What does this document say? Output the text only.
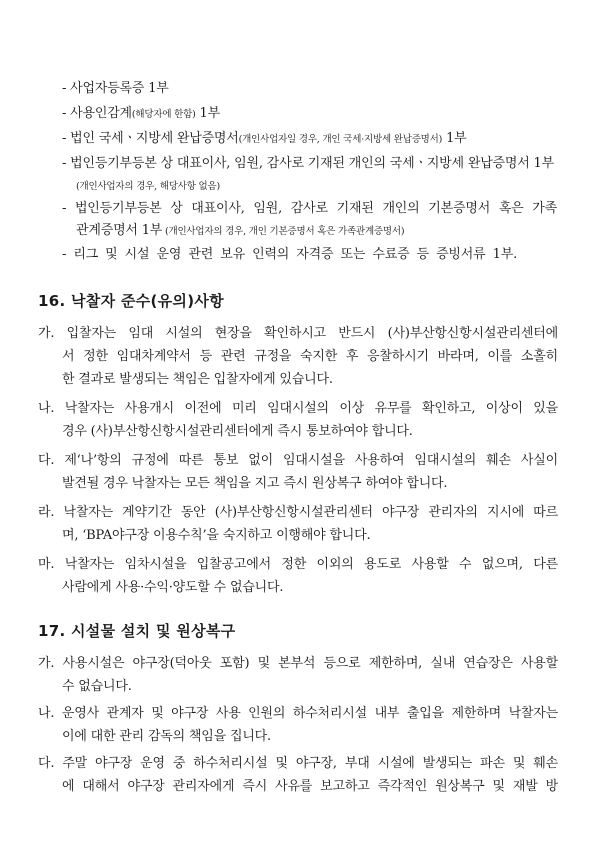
- 사업자등록증 1부
- 사용인감계(해당자에 한함) 1부
- 법인 국세ㆍ지방세 완납증명서(개인사업자일 경우, 개인 국세·지방세 완납증명서) 1부
- 법인등기부등본 상 대표이사, 임원, 감사로 기재된 개인의 국세ㆍ지방세 완납증명서 1부
(개인사업자의 경우, 해당사항 없음)
- 법인등기부등본 상 대표이사, 임원, 감사로 기재된 개인의 기본증명서 혹은 가족
관계증명서 1부 (개인사업자의 경우, 개인 기본증명서 혹은 가족관계증명서)
- 리그 및 시설 운영 관련 보유 인력의 자격증 또는 수료증 등 증빙서류 1부.
16. 낙찰자 준수(유의)사항
가. 입찰자는 임대 시설의 현장을 확인하시고 반드시 (사)부산항신항시설관리센터에
서 정한 임대차계약서 등 관련 규정을 숙지한 후 응찰하시기 바라며, 이를 소홀히
한 결과로 발생되는 책임은 입찰자에게 있습니다.
나. 낙찰자는 사용개시 이전에 미리 임대시설의 이상 유무를 확인하고, 이상이 있을
경우 (사)부산항신항시설관리센터에게 즉시 통보하여야 합니다.
다. 제‘나’항의 규정에 따른 통보 없이 임대시설을 사용하여 임대시설의 훼손 사실이
발견될 경우 낙찰자는 모든 책임을 지고 즉시 원상복구 하여야 합니다.
라. 낙찰자는 계약기간 동안 (사)부산항신항시설관리센터 야구장 관리자의 지시에 따르
며, ‘BPA야구장 이용수칙’을 숙지하고 이행해야 합니다.
마. 낙찰자는 임차시설을 입찰공고에서 정한 이외의 용도로 사용할 수 없으며, 다른
사람에게 사용·수익·양도할 수 없습니다.
17. 시설물 설치 및 원상복구
가. 사용시설은 야구장(덕아웃 포함) 및 본부석 등으로 제한하며, 실내 연습장은 사용할
수 없습니다.
나. 운영사 관계자 및 야구장 사용 인원의 하수처리시설 내부 출입을 제한하며 낙찰자는
이에 대한 관리 감독의 책임을 집니다.
다. 주말 야구장 운영 중 하수처리시설 및 야구장, 부대 시설에 발생되는 파손 및 훼손
에 대해서 야구장 관리자에게 즉시 사유를 보고하고 즉각적인 원상복구 및 재발 방
